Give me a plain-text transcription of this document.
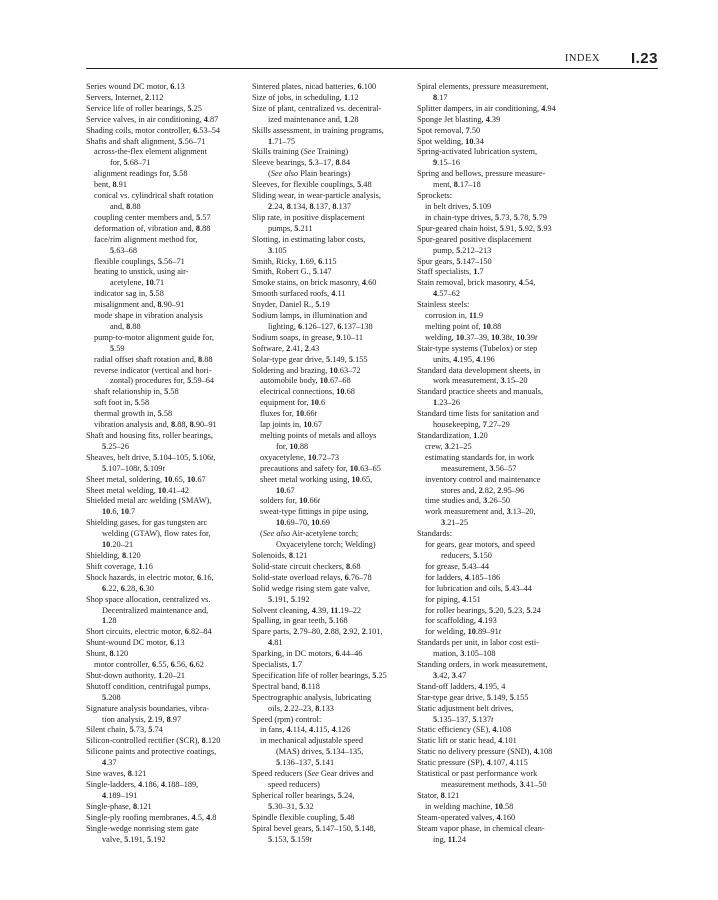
INDEX I.23
Series wound DC motor, 6.13
Servers, Internet, 2.112
Service life of roller bearings, 5.25
Service valves, in air conditioning, 4.87
Shading coils, motor controller, 6.53–54
Shafts and shaft alignment, 5.56–71
across-the-flex element alignment
for, 5.68–71
alignment readings for, 5.58
bent, 8.91
conical vs. cylindrical shaft rotation
and, 8.88
coupling center members and, 5.57
deformation of, vibration and, 8.88
face/rim alignment method for,
5.63–68
flexible couplings, 5.56–71
heating to unstick, using air-
acetylene, 10.71
indicator sag in, 5.58
misalignment and, 8.90–91
mode shape in vibration analysis
and, 8.88
pump-to-motor alignment guide for,
5.59
radial offset shaft rotation and, 8.88
reverse indicator (vertical and hori-
zontal) procedures for, 5.59–64
shaft relationship in, 5.58
soft foot in, 5.58
thermal growth in, 5.58
vibration analysis and, 8.88, 8.90–91
Shaft and housing fits, roller bearings,
5.25–26
Sheaves, belt drive, 5.104–105, 5.106t,
5.107–108t, 5.109t
Sheet metal, soldering, 10.65, 10.67
Sheet metal welding, 10.41–42
Shielded metal arc welding (SMAW),
10.6, 10.7
Shielding gases, for gas tungsten arc
welding (GTAW), flow rates for,
10.20–21
Shielding, 8.120
Shift coverage, 1.16
Shock hazards, in electric motor, 6.16,
6.22, 6.28, 6.30
Shop space allocation, centralized vs.
Decentralized maintenance and,
1.28
Short circuits, electric motor, 6.82–84
Shunt-wound DC motor, 6.13
Shunt, 8.120
motor controller, 6.55, 6.56, 6.62
Shut-down authority, 1.20–21
Shutoff condition, centrifugal pumps,
5.208
Signature analysis boundaries, vibra-
tion analysis, 2.19, 8.97
Silent chain, 5.73, 5.74
Silicon-controlled rectifier (SCR), 8.120
Silicone paints and protective coatings,
4.37
Sine waves, 8.121
Single-ladders, 4.186, 4.188–189,
4.189–191
Single-phase, 8.121
Single-ply roofing membranes, 4.5, 4.8
Single-wedge nonrising stem gate
valve, 5.191, 5.192
Sintered plates, nicad batteries, 6.100
Size of jobs, in scheduling, 1.12
Size of plant, centralized vs. decentral-
ized maintenance and, 1.28
Skills assessment, in training programs,
1.71–75
Skills training (See Training)
Sleeve bearings, 5.3–17, 8.84
(See also Plain bearings)
Sleeves, for flexible couplings, 5.48
Sliding wear, in wear-particle analysis,
2.24, 8.134, 8.137, 8.137
Slip rate, in positive displacement
pumps, 5.211
Slotting, in estimating labor costs,
3.105
Smith, Ricky, 1.69, 6.115
Smith, Robert G., 5.147
Smoke stains, on brick masonry, 4.60
Smooth surfaced roofs, 4.11
Snyder, Daniel R., 5.19
Sodium lamps, in illumination and
lighting, 6.126–127, 6.137–138
Sodium soaps, in grease, 9.10–11
Software, 2.41, 2.43
Solar-type gear drive, 5.149, 5.155
Soldering and brazing, 10.63–72
automobile body, 10.67–68
electrical connections, 10.68
equipment for, 10.6
fluxes for, 10.66t
lap joints in, 10.67
melting points of metals and alloys
for, 10.88
oxyacetylene, 10.72–73
precautions and safety for, 10.63–65
sheet metal working using, 10.65,
10.67
solders for, 10.66t
sweat-type fittings in pipe using,
10.69–70, 10.69
(See also Air-acetylene torch;
Oxyacetylene torch; Welding)
Solenoids, 8.121
Solid-state circuit checkers, 8.68
Solid-state overload relays, 6.76–78
Solid wedge rising stem gate valve,
5.191, 5.192
Solvent cleaning, 4.39, 11.19–22
Spalling, in gear teeth, 5.168
Spare parts, 2.79–80, 2.88, 2.92, 2.101,
4.81
Sparking, in DC motors, 6.44–46
Specialists, 1.7
Specification life of roller bearings, 5.25
Spectral band, 8.118
Spectrographic analysis, lubricating
oils, 2.22–23, 8.133
Speed (rpm) control:
in fans, 4.114, 4.115, 4.126
in mechanical adjustable speed
(MAS) drives, 5.134–135,
5.136–137, 5.141
Speed reducers (See Gear drives and
speed reducers)
Spherical roller bearings, 5.24,
5.30–31, 5.32
Spindle flexible coupling, 5.48
Spiral bevel gears, 5.147–150, 5.148,
5.153, 5.159t
Spiral elements, pressure measurement,
8.17
Splitter dampers, in air conditioning, 4.94
Sponge Jet blasting, 4.39
Spot removal, 7.50
Spot welding, 10.34
Spring-activated lubrication system,
9.15–16
Spring and bellows, pressure measure-
ment, 8.17–18
Sprockets:
in belt drives, 5.109
in chain-type drives, 5.73, 5.78, 5.79
Spur-geared chain hoist, 5.91, 5.92, 5.93
Spur-geared positive displacement
pump, 5.212–213
Spur gears, 5.147–150
Staff specialists, 1.7
Stain removal, brick masonry, 4.54,
4.57–62
Stainless steels:
corrosion in, 11.9
melting point of, 10.88
welding, 10.37–39, 10.38t, 10.39t
Stair-type systems (Tubelox) or step
units, 4.195, 4.196
Standard data development sheets, in
work measurement, 3.15–20
Standard practice sheets and manuals,
1.23–26
Standard time lists for sanitation and
housekeeping, 7.27–29
Standardization, 1.20
crew, 3.21–25
estimating standards for, in work
measurement, 3.56–57
inventory control and maintenance
stores and, 2.82, 2.95–96
time studies and, 3.26–50
work measurement and, 3.13–20,
3.21–25
Standards:
for gears, gear motors, and speed
reducers, 5.150
for grease, 5.43–44
for ladders, 4.185–186
for lubrication and oils, 5.43–44
for piping, 4.151
for roller bearings, 5.20, 5.23, 5.24
for scaffolding, 4.193
for welding, 10.89–91t
Standards per unit, in labor cost esti-
mation, 3.105–108
Standing orders, in work measurement,
3.42, 3.47
Stand-off ladders, 4.195, 4
Star-type gear drive, 5.149, 5.155
Static adjustment belt drives,
5.135–137, 5.137t
Static efficiency (SE), 4.108
Static lift or static head, 4.101
Static no delivery pressure (SND), 4.108
Static pressure (SP), 4.107, 4.115
Statistical or past performance work
measurement methods, 3.41–50
Stator, 8.121
in welding machine, 10.58
Steam-operated valves, 4.160
Steam vapor phase, in chemical clean-
ing, 11.24
